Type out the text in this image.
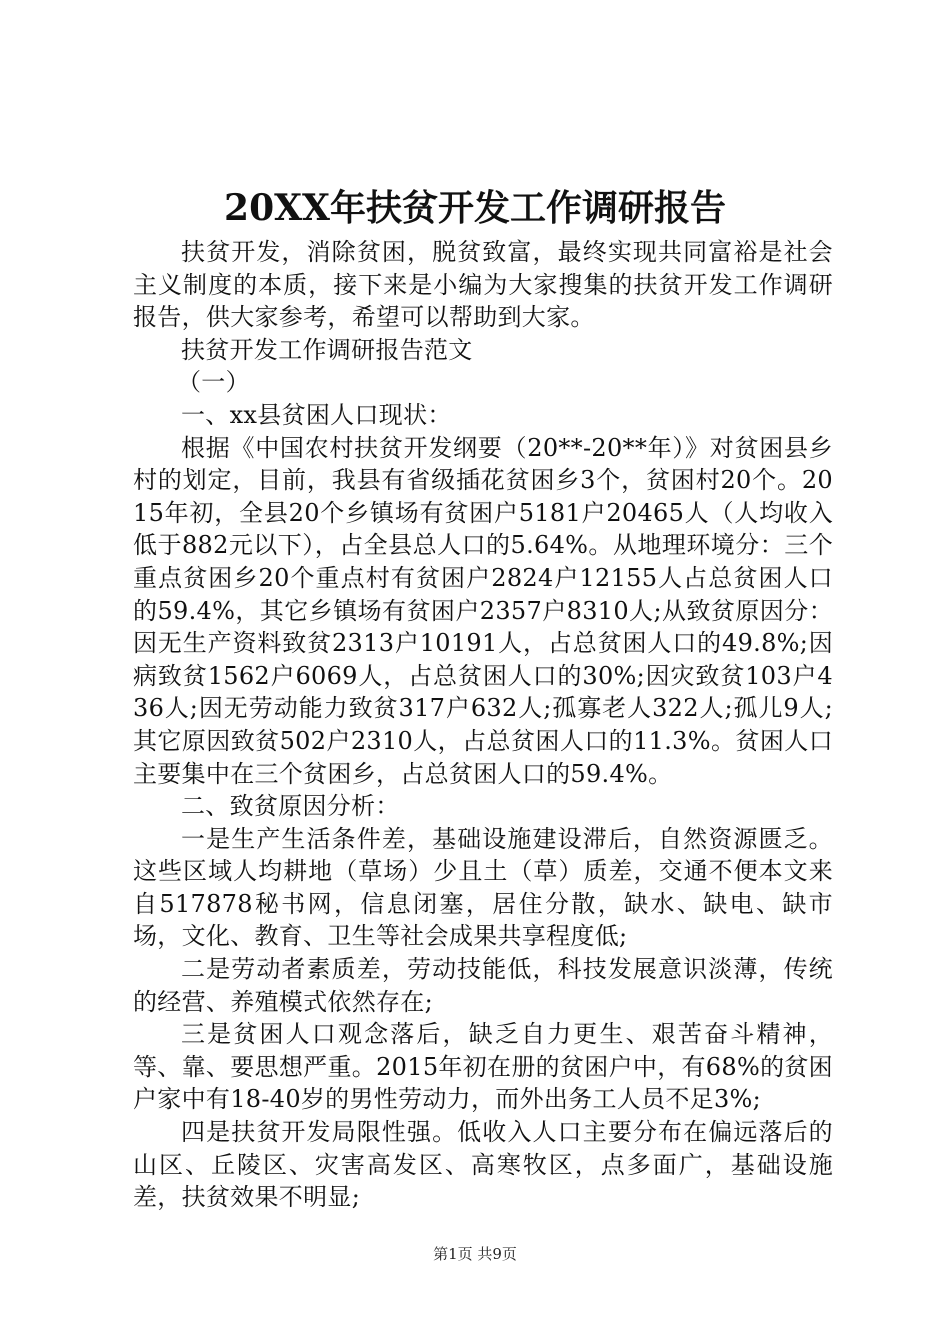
20XX年扶贫开发工作调研报告

扶贫开发，消除贫困，脱贫致富，最终实现共同富裕是社会主义制度的本质，接下来是小编为大家搜集的扶贫开发工作调研报告，供大家参考，希望可以帮助到大家。

扶贫开发工作调研报告范文

（一）

一、xx县贫困人口现状：

根据《中国农村扶贫开发纲要（20**-20**年）》对贫困县乡村的划定，目前，我县有省级插花贫困乡3个，贫困村20个。2015年初，全县20个乡镇场有贫困户5181户20465人（人均收入低于882元以下），占全县总人口的5.64%。从地理环境分：三个重点贫困乡20个重点村有贫困户2824户12155人占总贫困人口的59.4%，其它乡镇场有贫困户2357户8310人;从致贫原因分：因无生产资料致贫2313户10191人，占总贫困人口的49.8%;因病致贫1562户6069人，占总贫困人口的30%;因灾致贫103户436人;因无劳动能力致贫317户632人;孤寡老人322人;孤儿9人;其它原因致贫502户2310人，占总贫困人口的11.3%。贫困人口主要集中在三个贫困乡，占总贫困人口的59.4%。

二、致贫原因分析：

一是生产生活条件差，基础设施建设滞后，自然资源匮乏。这些区域人均耕地（草场）少且土（草）质差，交通不便本文来自517878秘书网，信息闭塞，居住分散，缺水、缺电、缺市场，文化、教育、卫生等社会成果共享程度低;

二是劳动者素质差，劳动技能低，科技发展意识淡薄，传统的经营、养殖模式依然存在;

三是贫困人口观念落后，缺乏自力更生、艰苦奋斗精神，等、靠、要思想严重。2015年初在册的贫困户中，有68%的贫困户家中有18-40岁的男性劳动力，而外出务工人员不足3%;

四是扶贫开发局限性强。低收入人口主要分布在偏远落后的山区、丘陵区、灾害高发区、高寒牧区，点多面广，基础设施差，扶贫效果不明显;

第1页 共9页
